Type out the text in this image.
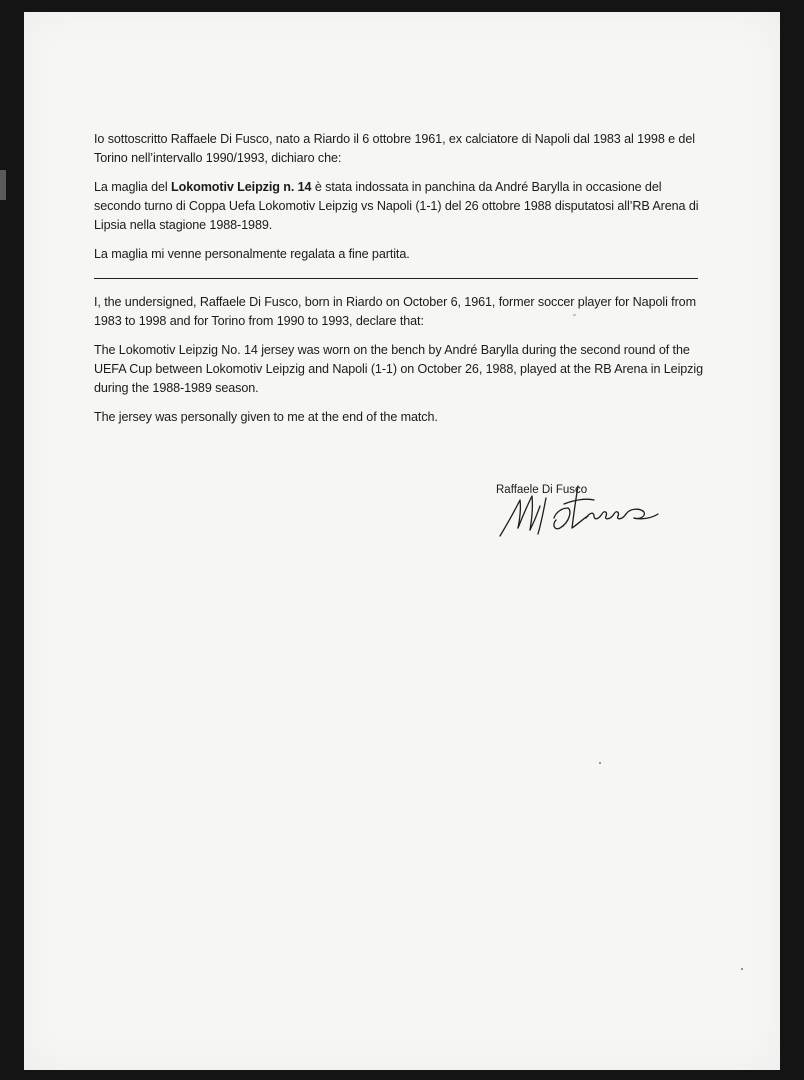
Io sottoscritto Raffaele Di Fusco, nato a Riardo il 6 ottobre 1961, ex calciatore di Napoli dal 1983 al 1998 e del Torino nell’intervallo 1990/1993, dichiaro che:

La maglia del Lokomotiv Leipzig n. 14 è stata indossata in panchina da André Barylla in occasione del secondo turno di Coppa Uefa Lokomotiv Leipzig vs Napoli (1-1) del 26 ottobre 1988 disputatosi all’RB Arena di Lipsia nella stagione 1988-1989.

La maglia mi venne personalmente regalata a fine partita.

I, the undersigned, Raffaele Di Fusco, born in Riardo on October 6, 1961, former soccer player for Napoli from 1983 to 1998 and for Torino from 1990 to 1993, declare that:

The Lokomotiv Leipzig No. 14 jersey was worn on the bench by André Barylla during the second round of the UEFA Cup between Lokomotiv Leipzig and Napoli (1-1) on October 26, 1988, played at the RB Arena in Leipzig during the 1988-1989 season.

The jersey was personally given to me at the end of the match.

Raffaele Di Fusco
